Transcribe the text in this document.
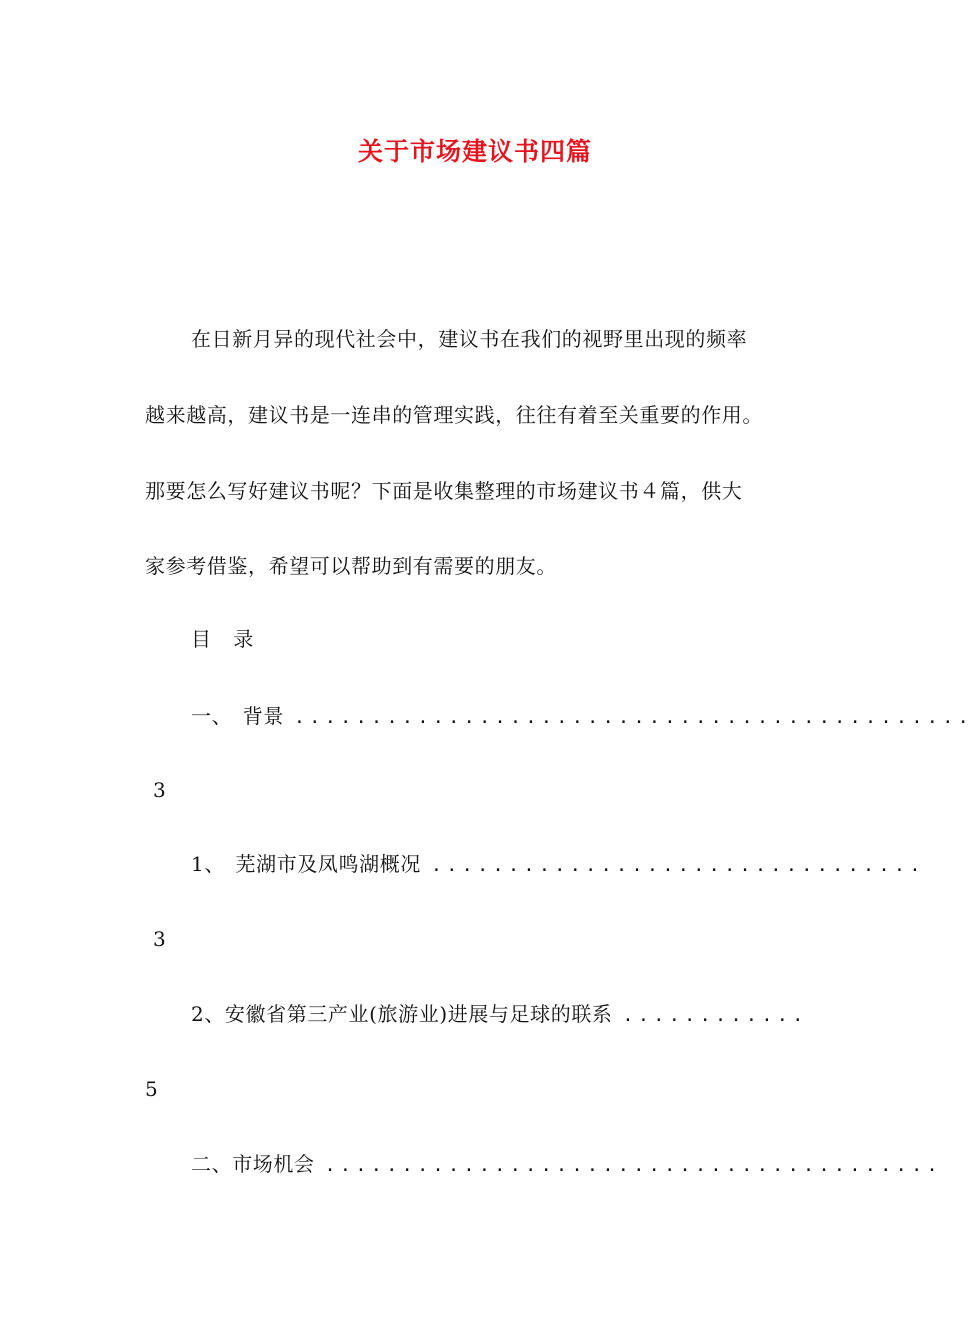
关于市场建议书四篇
在日新月异的现代社会中，建议书在我们的视野里出现的频率
越来越高，建议书是一连串的管理实践，往往有着至关重要的作用。
那要怎么写好建议书呢？下面是收集整理的市场建议书４篇，供大
家参考借鉴，希望可以帮助到有需要的朋友。
目 录
一、　背景 ............................................
3
1、　芜湖市及凤鸣湖概况 ................................
3
2、安徽省第三产业(旅游业)进展与足球的联系 ............
5
二、市场机会 ........................................
